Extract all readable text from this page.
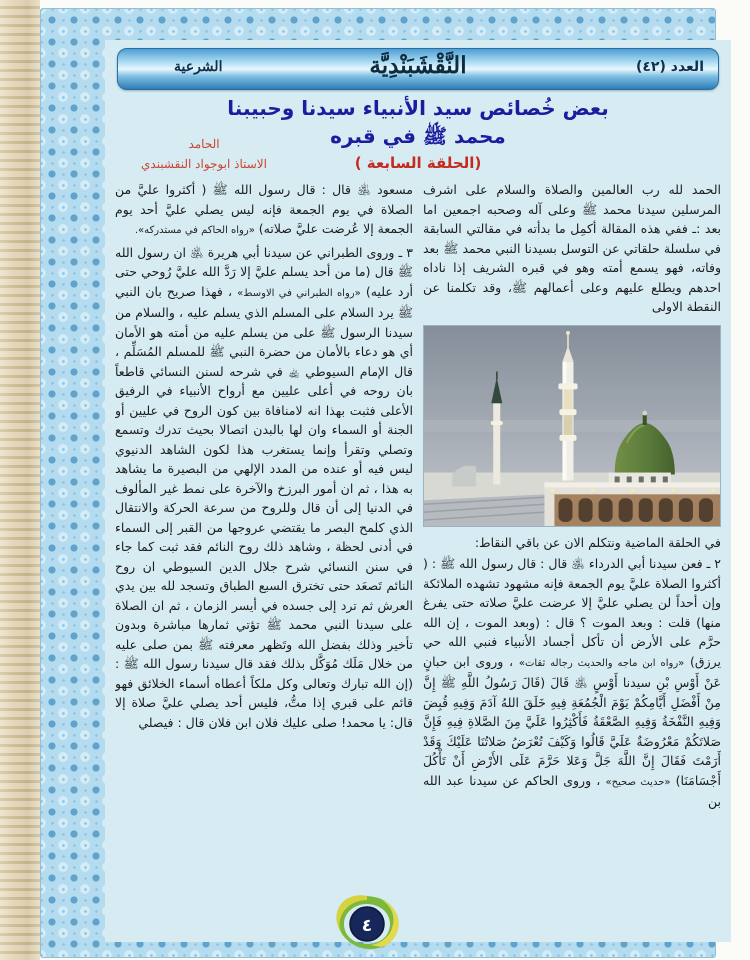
العدد (٤٢)
النَّقْشَبَنْدِيَّة
الشرعية
بعض خُصائص سيد الأنبياء سيدنا وحبيبنا
محمد ﷺ في قبره
(الحلقة السابعة )
الحامد
الاستاذ ابوجواد النقشبندي

الحمد لله رب العالمين والصلاة والسلام على اشرف المرسلين سيدنا محمد ﷺ وعلى آله وصحبه اجمعين اما بعد :ـ ففي هذه المقالة أكمِل ما بدأته في مقالتي السابقة في سلسلة حلقاتي عن التوسل بسيدنا النبي محمد ﷺ بعد وفاته، فهو يسمع أمته وهو في قبره الشريف إذا ناداه احدهم ويطلع عليهم وعلى أعمالهم ﷺ، وقد تكلمنا عن النقطة الاولى

في الحلقة الماضية ونتكلم الان عن باقي النقاط:

٢ ـ فعن سيدنا أبي الدرداء ﵁ قال : قال رسول الله ﷺ : ( أكثروا الصلاة عليَّ يوم الجمعة فإنه مشهود تشهده الملائكة وإن أحداً لن يصلي عليَّ إلا عرضت عليَّ صلاته حتى يفرغ منها) قلت : وبعد الموت ؟ قال : (وبعد الموت ، إن الله حرَّم على الأرض أن تأكل أجساد الأنبياء فنبي الله حي يرزق) «رواه ابن ماجه والحديث رجاله ثقات» ، وروى ابن حبانٍ عَنْ أَوْسِ بْنِ سيدنا أَوْسٍ ﵁ قَالَ (قَالَ رَسُولُ اللَّهِ ﷺ إِنَّ مِنْ أَفْضَلِ أَيَّامِكُمْ يَوْمَ الْجُمُعَةِ فِيهِ خَلَقَ اللهُ آدَمَ وَفِيهِ قُبِضَ وَفِيهِ النَّفْخَةُ وَفِيهِ الصَّعْقَةُ فَأَكْثِرُوا عَلَيَّ مِنَ الصَّلاةِ فِيهِ فَإِنَّ صَلاتَكُمْ مَعْرُوضَةٌ عَلَيَّ قَالُوا وَكَيْفَ تُعْرَضُ صَلاتُنَا عَلَيْكَ وَقَدْ أَرَمْتَ فَقَالَ إِنَّ اللَّهَ جَلَّ وَعَلا حَرَّمَ عَلَى الأَرْضِ أَنْ تَأْكُلَ أَجْسَامَنَا) «حديث صحيح» ، وروى الحاكم عن سيدنا عبد الله بن

مسعود ﵁ قال : قال رسول الله ﷺ ( أكثروا عليَّ من الصلاة في يوم الجمعة فإنه ليس يصلي عليَّ أحد يوم الجمعة إلا عُرضت عليَّ صلاته) «رواه الحاكم في مستدركه».

٣ ـ وروى الطبراني عن سيدنا أبي هريرة ﵁ ان رسول الله ﷺ قال (ما من أحد يسلم عليَّ إلا رَدَّ الله عليَّ رُوحي حتى أرد عليه) «رواه الطبراني في الاوسط» ، فهذا صريح بان النبي ﷺ يرد السلام على المسلم الذي يسلم عليه ، والسلام من سيدنا الرسول ﷺ على من يسلم عليه من أمته هو الأمان أي هو دعاء بالأمان من حضرة النبي ﷺ للمسلم المُسَلِّم ، قال الإمام السيوطي ﵀ في شرحه لسنن النسائي قاطعاً بان روحه في أعلى عليين مع أرواح الأنبياء في الرفيق الأعلى فثبت بهذا انه لامنافاة بين كون الروح في عليين أو الجنة أو السماء وان لها بالبدن اتصالا بحيث تدرك وتسمع وتصلي وتقرأ وإنما يستغرب هذا لكون الشاهد الدنيوي ليس فيه أو عنده من المدد الإلهي من البصيرة ما يشاهد به هذا ، ثم ان أمور البرزخ والآخرة على نمط غير المألوف في الدنيا إلى أن قال وللروح من سرعة الحركة والانتقال الذي كلمح البصر ما يقتضي عروجها من القبر إلى السماء في أدنى لحظة ، وشاهد ذلك روح النائم فقد ثبت كما جاء في سنن النسائي شرح جلال الدين السيوطي ان روح النائم تَصعَد حتى تخترق السبع الطباق وتسجد لله بين يدي العرش ثم ترد إلى جسده في أيسر الزمان ، ثم ان الصلاة على سيدنا النبي محمد ﷺ تؤتي ثمارها مباشرة وبدون تأخير وذلك بفضل الله وتَظهر معرفته ﷺ بمن صلى عليه من خلال مَلَك مُوَكَّل بذلك فقد قال سيدنا رسول الله ﷺ : (إن الله تبارك وتعالى وكل ملكاً أعطاه أسماء الخلائق فهو قائم على قبري إذا متُّ، فليس أحد يصلي عليَّ صلاة إلا قال: يا محمد! صلى عليك فلان ابن فلان قال : فيصلي

٤
